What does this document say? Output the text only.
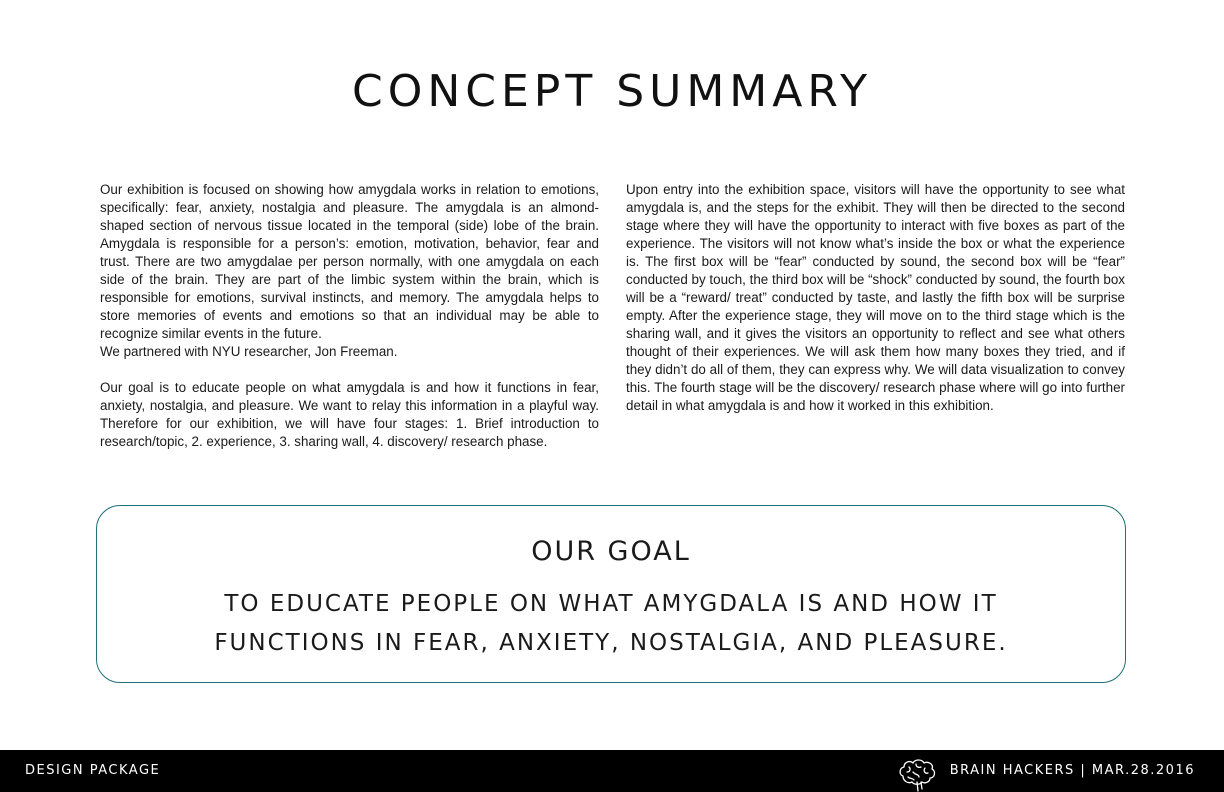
CONCEPT SUMMARY

Our exhibition is focused on showing how amygdala works in relation to emotions, specifically: fear, anxiety, nostalgia and pleasure. The amygdala is an almond-shaped section of nervous tissue located in the temporal (side) lobe of the brain. Amygdala is responsible for a person’s: emotion, motivation, behavior, fear and trust. There are two amygdalae per person normally, with one amygdala on each side of the brain. They are part of the limbic system within the brain, which is responsible for emotions, survival instincts, and memory. The amygdala helps to store memories of events and emotions so that an individual may be able to recognize similar events in the future.

We partnered with NYU researcher, Jon Freeman.

Our goal is to educate people on what amygdala is and how it functions in fear, anxiety, nostalgia, and pleasure. We want to relay this information in a playful way. Therefore for our exhibition, we will have four stages: 1. Brief introduction to research/topic, 2. experience, 3. sharing wall, 4. discovery/ research phase.

Upon entry into the exhibition space, visitors will have the opportunity to see what amygdala is, and the steps for the exhibit. They will then be directed to the second stage where they will have the opportunity to interact with five boxes as part of the experience. The visitors will not know what’s inside the box or what the experience is. The first box will be “fear” conducted by sound, the second box will be “fear” conducted by touch, the third box will be “shock” conducted by sound, the fourth box will be a “reward/ treat” conducted by taste, and lastly the fifth box will be surprise empty. After the experience stage, they will move on to the third stage which is the sharing wall, and it gives the visitors an opportunity to reflect and see what others thought of their experiences. We will ask them how many boxes they tried, and if they didn’t do all of them, they can express why. We will data visualization to convey this. The fourth stage will be the discovery/ research phase where will go into further detail in what amygdala is and how it worked in this exhibition.

OUR GOAL
TO EDUCATE PEOPLE ON WHAT AMYGDALA IS AND HOW IT
FUNCTIONS IN FEAR, ANXIETY, NOSTALGIA, AND PLEASURE.
DESIGN PACKAGE	BRAIN HACKERS | MAR.28.2016
